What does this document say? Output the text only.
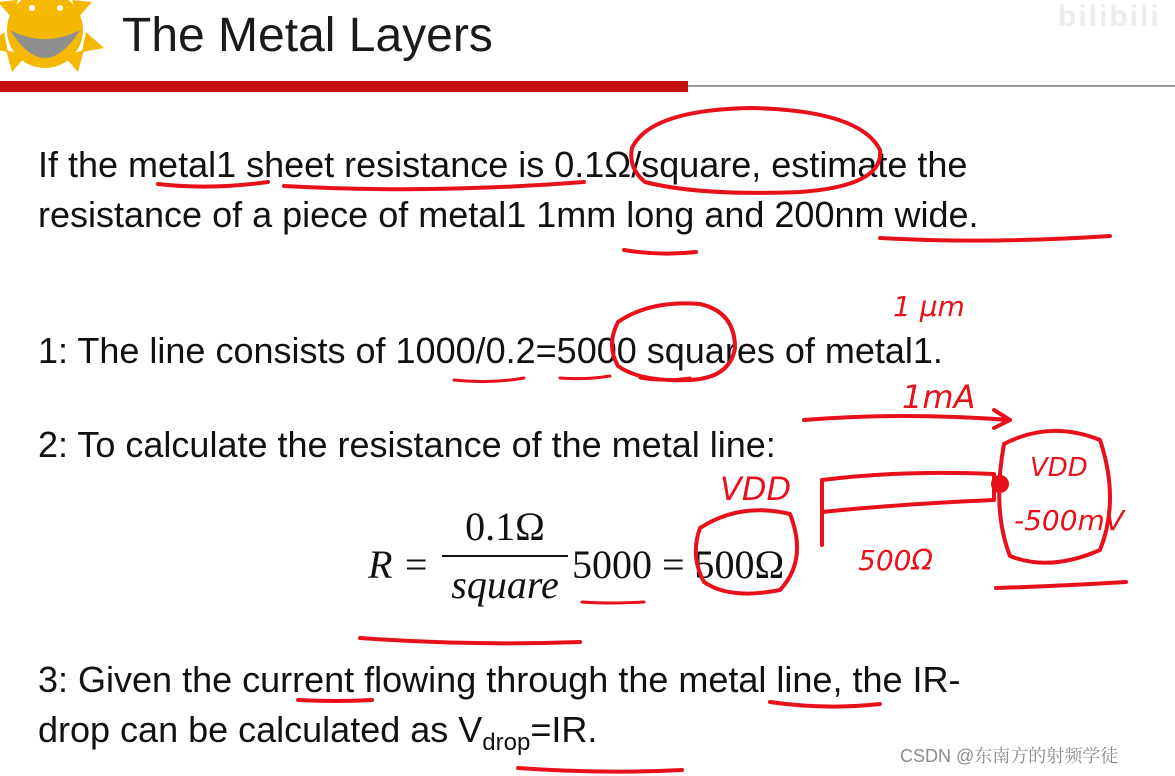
The Metal Layers	bilibili
If the metal1 sheet resistance is 0.1Ω/square, estimate the
resistance of a piece of metal1 1mm long and 200nm wide.
1: The line consists of 1000/0.2=5000 squares of metal1.
2: To calculate the resistance of the metal line:
R =
0.1Ω
square 5000 = 500Ω
3: Given the current flowing through the metal line, the IR-
drop can be calculated as $V_{drop}=IR$.
CSDN @东南方的射频学徒
1 μm
1mA
VDD
VDD
-500mV
500Ω
